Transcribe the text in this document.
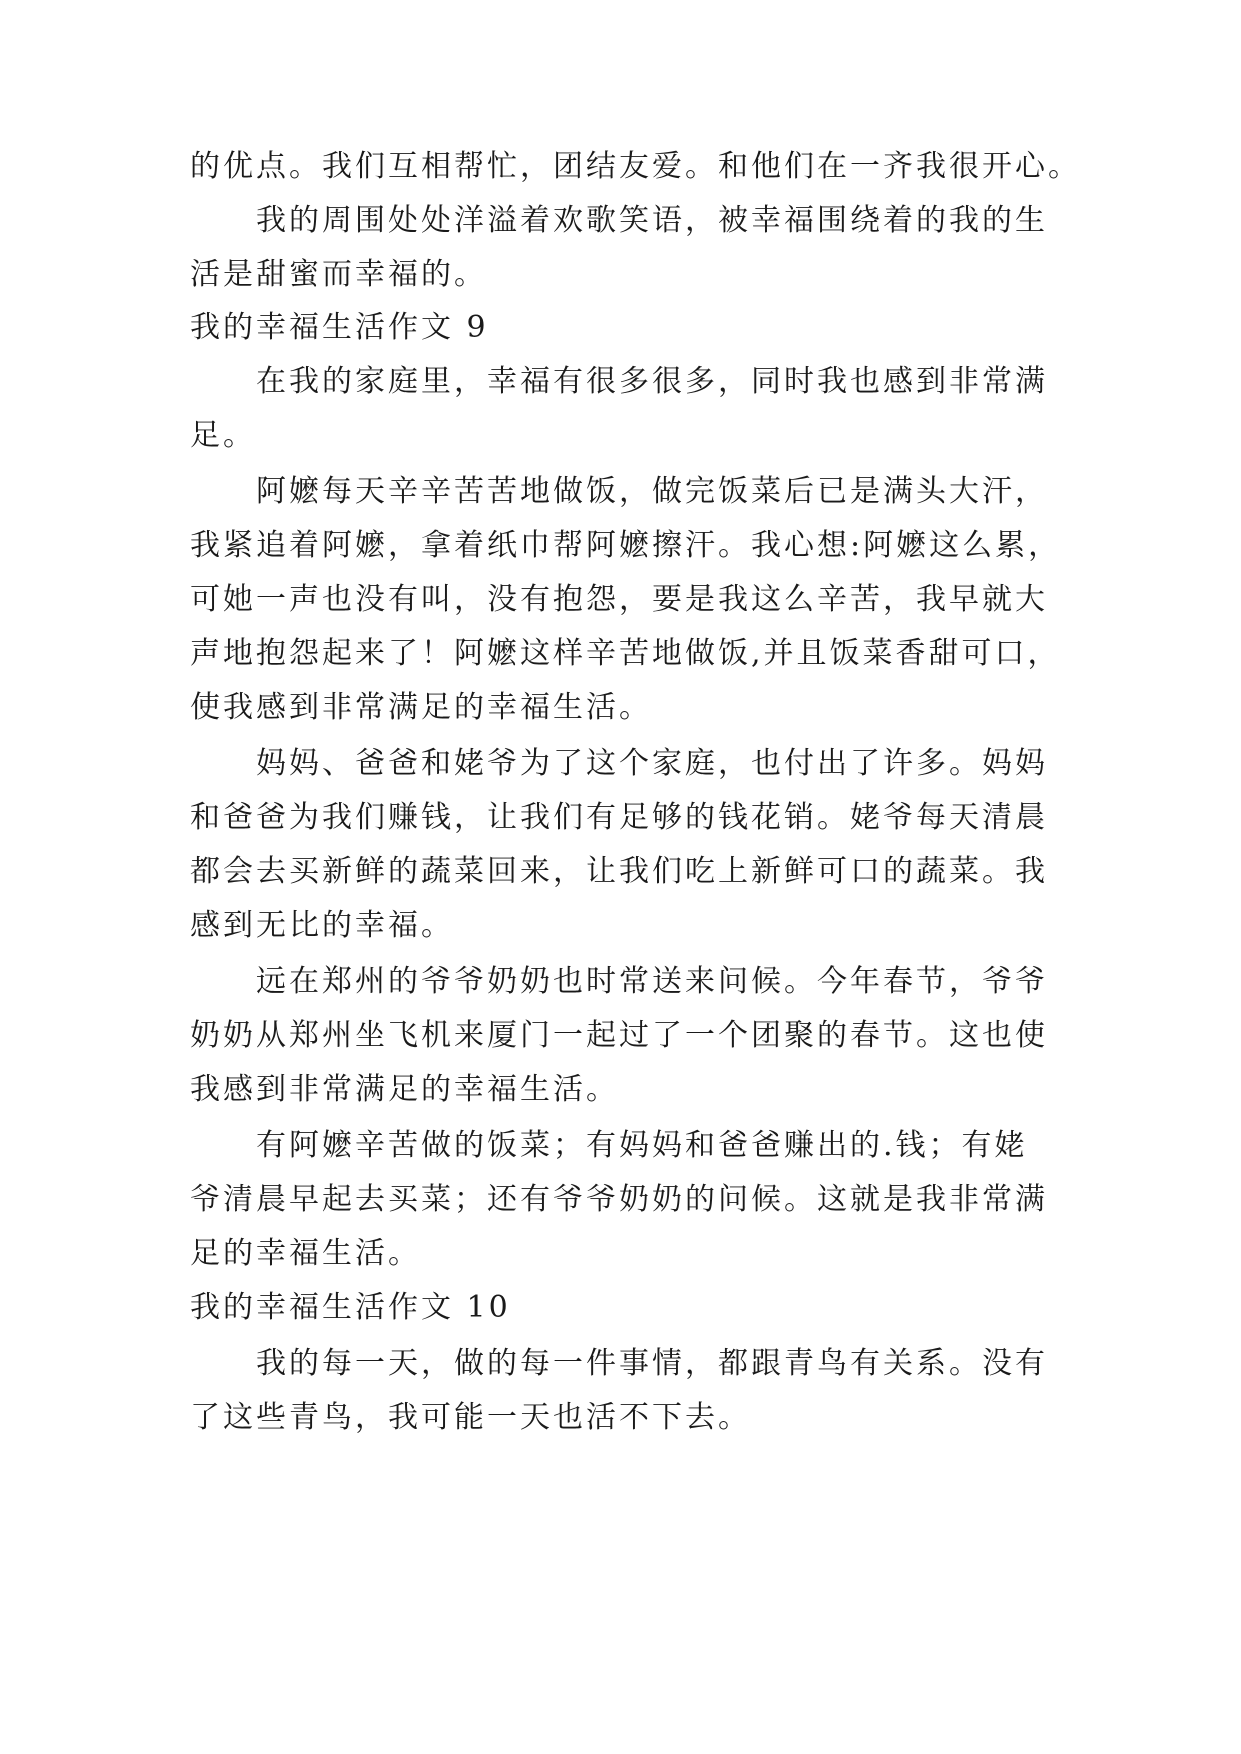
的优点。我们互相帮忙，团结友爱。和他们在一齐我很开心。
我的周围处处洋溢着欢歌笑语，被幸福围绕着的我的生
活是甜蜜而幸福的。
我的幸福生活作文 9
在我的家庭里，幸福有很多很多，同时我也感到非常满
足。
阿嬷每天辛辛苦苦地做饭，做完饭菜后已是满头大汗，
我紧追着阿嬷，拿着纸巾帮阿嬷擦汗。我心想:阿嬷这么累，
可她一声也没有叫，没有抱怨，要是我这么辛苦，我早就大
声地抱怨起来了！阿嬷这样辛苦地做饭,并且饭菜香甜可口，
使我感到非常满足的幸福生活。
妈妈、爸爸和姥爷为了这个家庭，也付出了许多。妈妈
和爸爸为我们赚钱，让我们有足够的钱花销。姥爷每天清晨
都会去买新鲜的蔬菜回来，让我们吃上新鲜可口的蔬菜。我
感到无比的幸福。
远在郑州的爷爷奶奶也时常送来问候。今年春节，爷爷
奶奶从郑州坐飞机来厦门一起过了一个团聚的春节。这也使
我感到非常满足的幸福生活。
有阿嬷辛苦做的饭菜；有妈妈和爸爸赚出的.钱；有姥
爷清晨早起去买菜；还有爷爷奶奶的问候。这就是我非常满
足的幸福生活。
我的幸福生活作文 10
我的每一天，做的每一件事情，都跟青鸟有关系。没有
了这些青鸟，我可能一天也活不下去。
